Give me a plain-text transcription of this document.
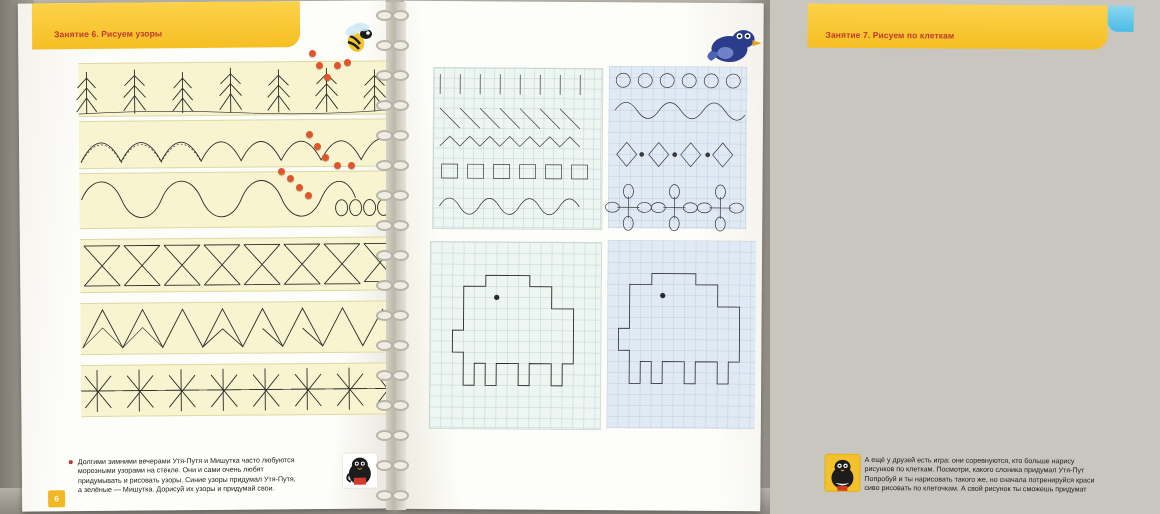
Занятие 6. Рисуем узоры
Долгими зимними вечерами Утя-Путя и Мишутка часто любуются
морозными узорами на стекле. Они и сами очень любят
придумывать и рисовать узоры. Синие узоры придумал Утя-Путя,
а зелёные — Мишутка. Дорисуй их узоры и придумай свои.
6
Занятие 7. Рисуем по клеткам
А ещё у друзей есть игра: они соревнуются, кто больше нарису
рисунков по клеткам. Посмотри, какого слоника придумал Утя-Пут
Попробуй и ты нарисовать такого же, но сначала потренируйся краси
сиво рисовать по клеточкам. А свой рисунок ты сможешь придумат
